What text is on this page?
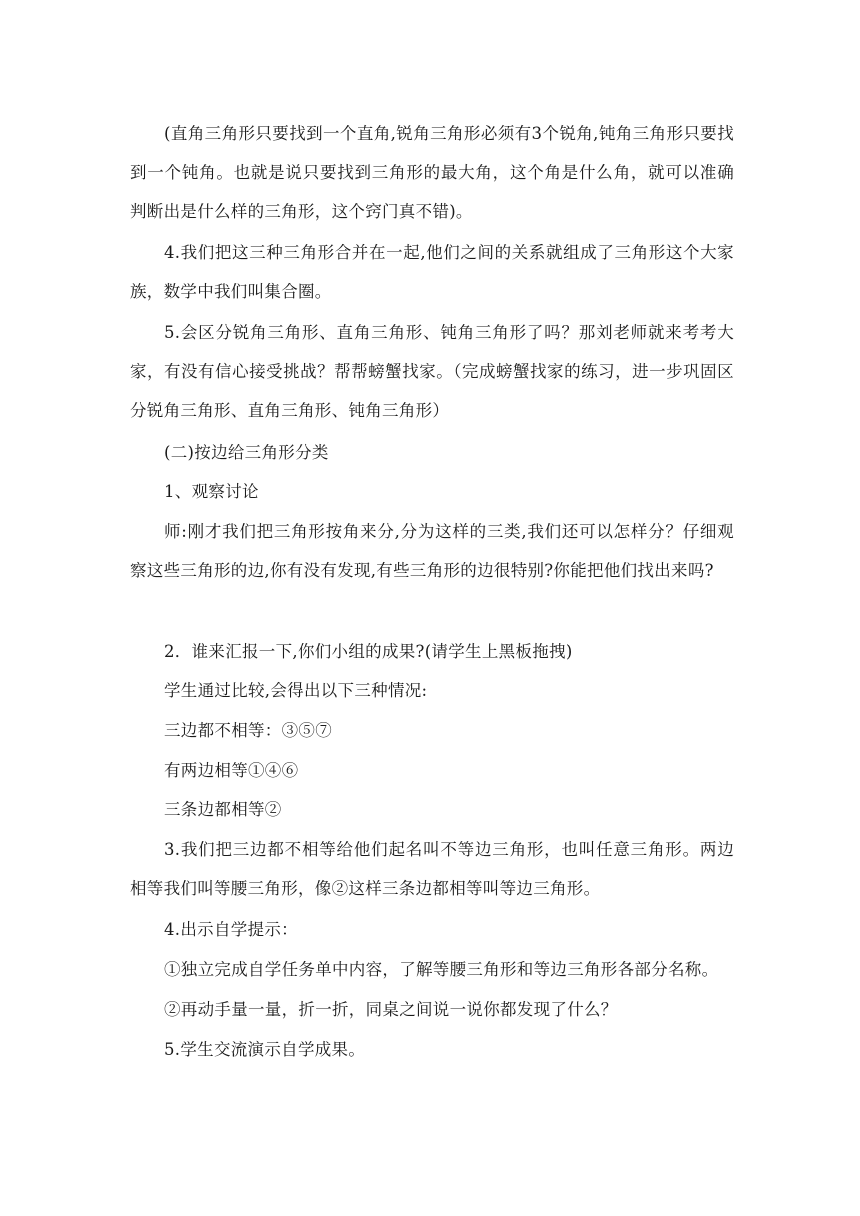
(直角三角形只要找到一个直角,锐角三角形必须有3个锐角,钝角三角形只要找到一个钝角。也就是说只要找到三角形的最大角，这个角是什么角，就可以准确判断出是什么样的三角形，这个窍门真不错)。

4.我们把这三种三角形合并在一起,他们之间的关系就组成了三角形这个大家族，数学中我们叫集合圈。

5.会区分锐角三角形、直角三角形、钝角三角形了吗？那刘老师就来考考大家，有没有信心接受挑战？帮帮螃蟹找家。（完成螃蟹找家的练习，进一步巩固区分锐角三角形、直角三角形、钝角三角形）

(二)按边给三角形分类

1、观察讨论

师:刚才我们把三角形按角来分,分为这样的三类,我们还可以怎样分？仔细观察这些三角形的边,你有没有发现,有些三角形的边很特别?你能把他们找出来吗?

2．谁来汇报一下,你们小组的成果?(请学生上黑板拖拽)

学生通过比较,会得出以下三种情况:

三边都不相等：③⑤⑦

有两边相等①④⑥

三条边都相等②

3.我们把三边都不相等给他们起名叫不等边三角形，也叫任意三角形。两边相等我们叫等腰三角形，像②这样三条边都相等叫等边三角形。

4.出示自学提示：

①独立完成自学任务单中内容，了解等腰三角形和等边三角形各部分名称。

②再动手量一量，折一折，同桌之间说一说你都发现了什么？

5.学生交流演示自学成果。
